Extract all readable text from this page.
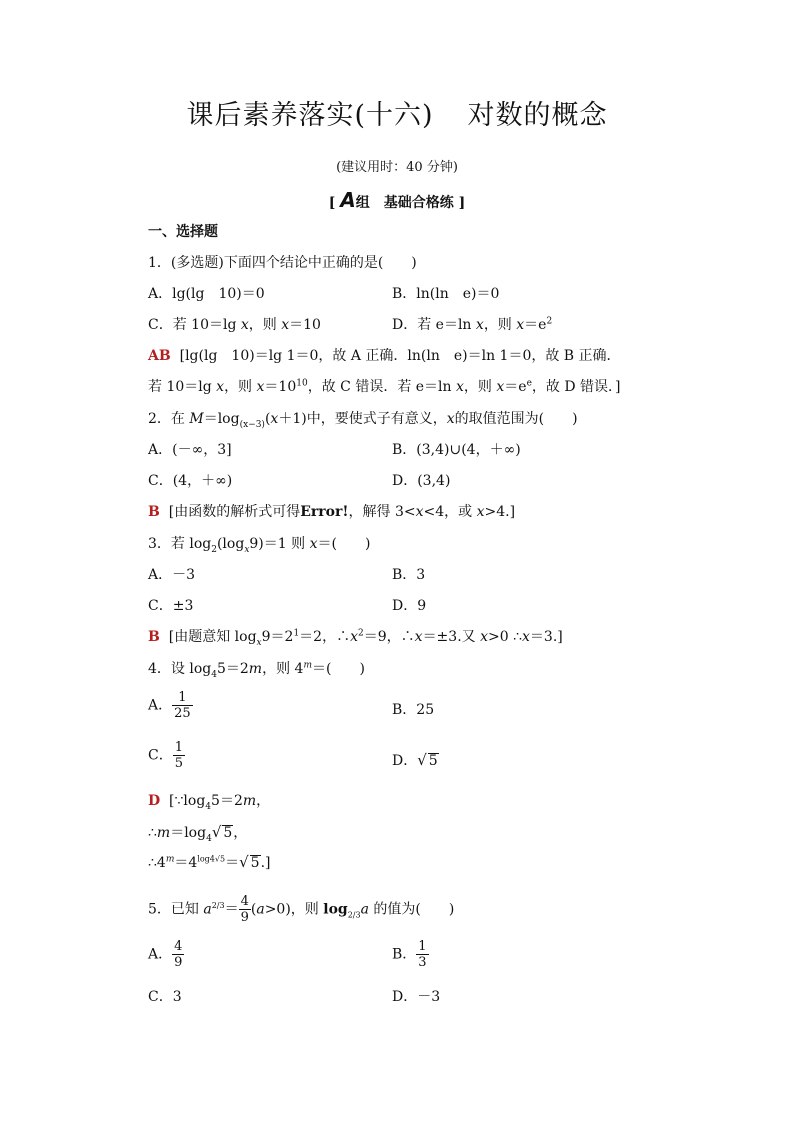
课后素养落实(十六) 对数的概念
(建议用时：40 分钟)
[ A组　基础合格练 ]
一、选择题
1．(多选题)下面四个结论中正确的是(　　)
A．lg(lg　10)＝0	B．ln(ln　e)＝0
C．若 10＝lg x，则 x＝10	D．若 e＝ln x，则 $x=e^2$
AB [lg(lg　10)＝lg 1＝0，故 A 正确．ln(ln　e)＝ln 1＝0，故 B 正确．
若 10＝lg x，则 $x=10^{10}$，故 C 错误．若 e＝ln x，则 $x=e^e$，故 D 错误．]
2．在 $M=\log_{(x-3)}(x+1)$中，要使式子有意义，x的取值范围为(　　)
A．(－∞，3]	B．(3,4)∪(4，＋∞)
C．(4，＋∞)	D．(3,4)
B [由函数的解析式可得Error!，解得 3<x<4，或 x>4.]
3．若 $\log_2(\log_x9)=1$ 则 x＝(　　)
A．－3	B．3
C．±3	D．9
B [由题意知 $\log_x9=2^1=2$，$\therefore x^2=9$，∴x＝±3.又 x>0 ∴x＝3.]
4．设 $\log_45=2m$，则 $4^m=$(　　)
A． $\frac{1}{25}$	B．25
C． $\frac{1}{5}$	D．√ 5
D [$\because\log_45=2m$，
$\therefore m=\log_4√$ 5，
$\therefore 4^m=4^{log4√5}=√$ 5.]
5．已知 $a^{2/3}= \frac{4}{9} (a>0)$，则 $\log_{2/3}a$ 的值为(　　)
A． $\frac{4}{9}$	B． $\frac{1}{3}$
C．3	D．－3
